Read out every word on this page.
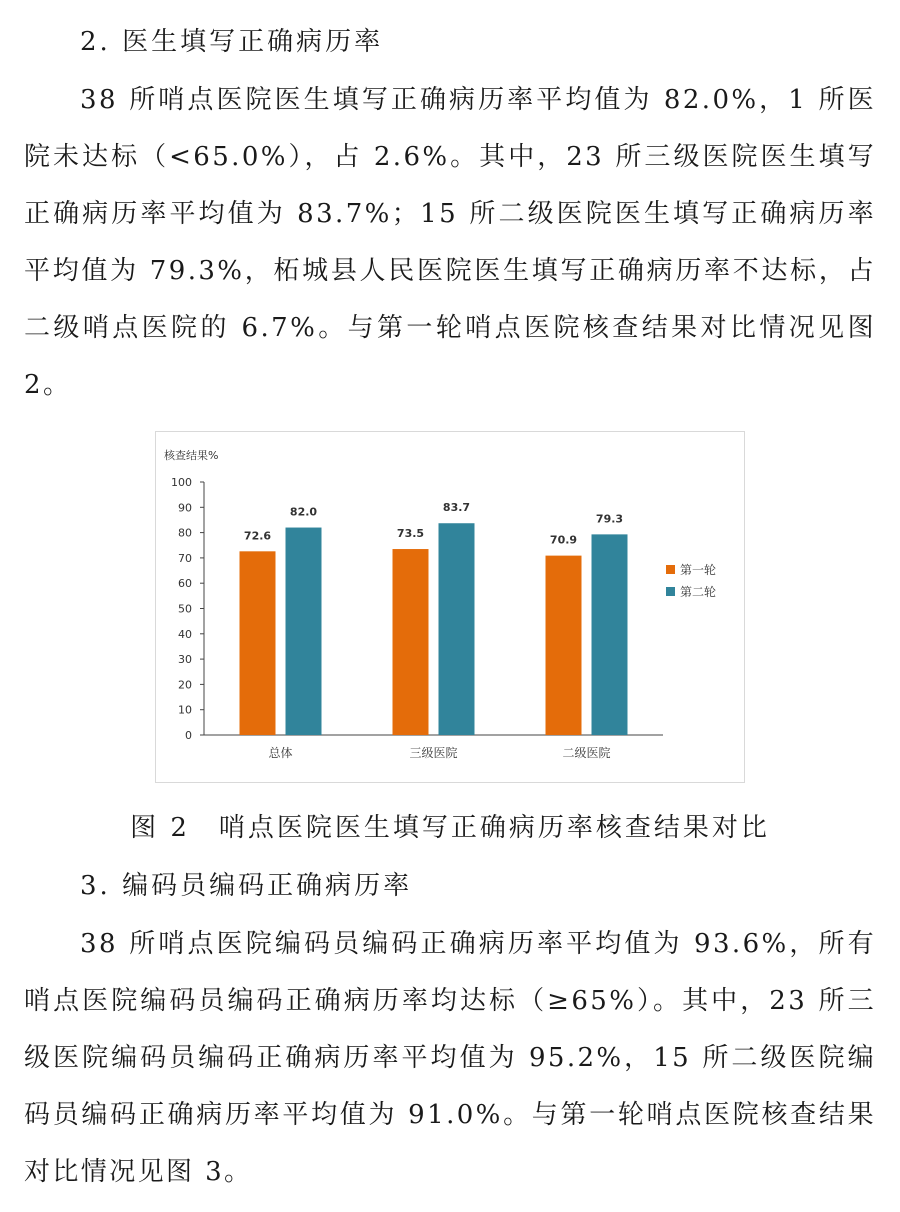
2. 医生填写正确病历率

38 所哨点医院医生填写正确病历率平均值为 82.0%，1 所医院未达标（<65.0%），占 2.6%。其中，23 所三级医院医生填写正确病历率平均值为 83.7%；15 所二级医院医生填写正确病历率平均值为 79.3%，柘城县人民医院医生填写正确病历率不达标，占二级哨点医院的 6.7%。与第一轮哨点医院核查结果对比情况见图 2。

核查结果%
0
10
20
30
40
50
60
70
80
90
100
72.6
82.0
73.5
83.7
70.9
79.3
总体	三级医院	二级医院
第一轮
第二轮

图 2　哨点医院医生填写正确病历率核查结果对比

3. 编码员编码正确病历率

38 所哨点医院编码员编码正确病历率平均值为 93.6%，所有哨点医院编码员编码正确病历率均达标（≥65%）。其中，23 所三级医院编码员编码正确病历率平均值为 95.2%，15 所二级医院编码员编码正确病历率平均值为 91.0%。与第一轮哨点医院核查结果对比情况见图 3。
